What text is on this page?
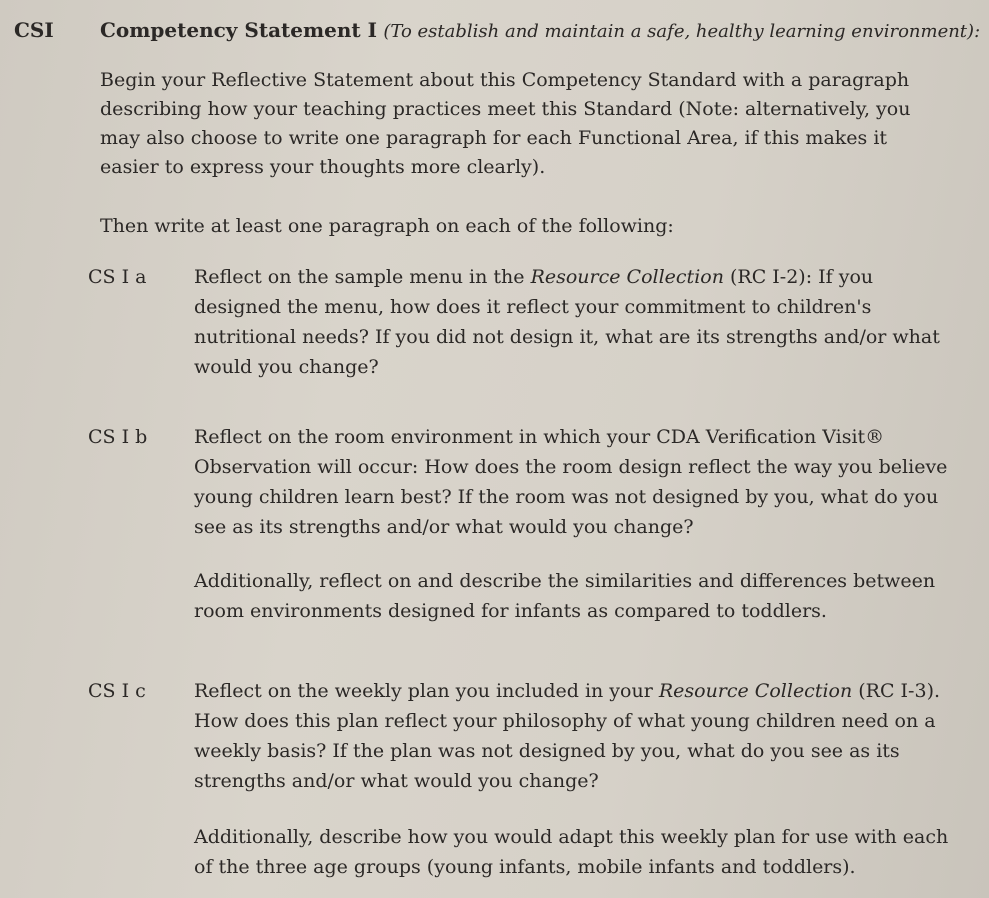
CSI Competency Statement I (To establish and maintain a safe, healthy learning environment):

Begin your Reflective Statement about this Competency Standard with a paragraph describing how your teaching practices meet this Standard (Note: alternatively, you may also choose to write one paragraph for each Functional Area, if this makes it easier to express your thoughts more clearly).

Then write at least one paragraph on each of the following:

CS I a	Reflect on the sample menu in the Resource Collection (RC I-2): If you designed the menu, how does it reflect your commitment to children's nutritional needs? If you did not design it, what are its strengths and/or what would you change?

CS I b	Reflect on the room environment in which your CDA Verification Visit® Observation will occur: How does the room design reflect the way you believe young children learn best? If the room was not designed by you, what do you see as its strengths and/or what would you change?

Additionally, reflect on and describe the similarities and differences between room environments designed for infants as compared to toddlers.

CS I c	Reflect on the weekly plan you included in your Resource Collection (RC I-3). How does this plan reflect your philosophy of what young children need on a weekly basis? If the plan was not designed by you, what do you see as its strengths and/or what would you change?

Additionally, describe how you would adapt this weekly plan for use with each of the three age groups (young infants, mobile infants and toddlers).
